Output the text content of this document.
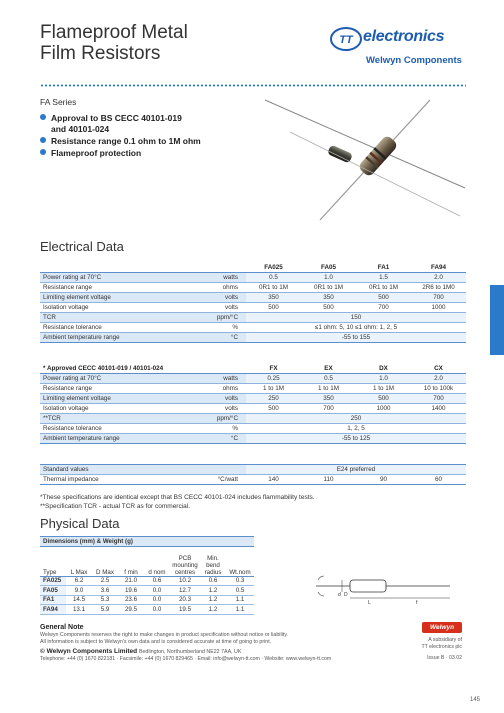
Flameproof Metal
Film Resistors
TT electronics
Welwyn Components
FA Series
Approval to BS CECC 40101-019
and 40101-024
Resistance range 0.1 ohm to 1M ohm
Flameproof protection
Electrical Data
		FA025	FA05	FA1	FA94
Power rating at 70°C	watts	0.5	1.0	1.5	2.0
Resistance range	ohms	0R1 to 1M	0R1 to 1M	0R1 to 1M	2R6 to 1M0
Limiting element voltage	volts	350	350	500	700
Isolation voltage	volts	500	500	700	1000
TCR	ppm/°C	150			
Resistance tolerance	%	≤1 ohm: 5, 10 ≤1 ohm: 1, 2, 5			
Ambient temperature range	°C	-55 to 155			
* Approved CECC 40101-019 / 40101-024		FX	EX	DX	CX
Power rating at 70°C	watts	0.25	0.5	1.0	2.0
Resistance range	ohms	1 to 1M	1 to 1M	1 to 1M	10 to 100k
Limiting element voltage	volts	250	350	500	700
Isolation voltage	volts	500	700	1000	1400
**TCR	ppm/°C	250			
Resistance tolerance	%	1, 2, 5			
Ambient temperature range	°C	-55 to 125			
Standard values		E24 preferred			
Thermal impedance	°C/watt	140	110	90	60
*These specifications are identical except that BS CECC 40101-024 includes flammability tests.
**Specification TCR - actual TCR as for commercial.
Physical Data
Dimensions (mm) & Weight (g)							
Type	L Max	D Max	f min	d nom	PCB mounting centres	Min. bend radius	Wt.nom
FA025	6.2	2.5	21.0	0.6	10.2	0.6	0.3
FA05	9.0	3.6	19.6	0.0	12.7	1.2	0.5
FA1	14.5	5.3	23.6	0.0	20.3	1.2	1.1
FA94	13.1	5.9	29.5	0.0	19.5	1.2	1.1
d D
L	f
General Note
Welwyn Components reserves the right to make changes in product specification without notice or liability.
All information is subject to Welwyn's own data and is considered accurate at time of going to print.
© Welwyn Components Limited Bedlington, Northumberland NE22 7AA, UK
Telephone: +44 (0) 1670 822181 · Facsimile: +44 (0) 1670 829465 · Email: info@welwyn-tt.com · Website: www.welwyn-tt.com
Welwyn
A subsidiary of
TT electronics plc
Issue B · 03.02
145
